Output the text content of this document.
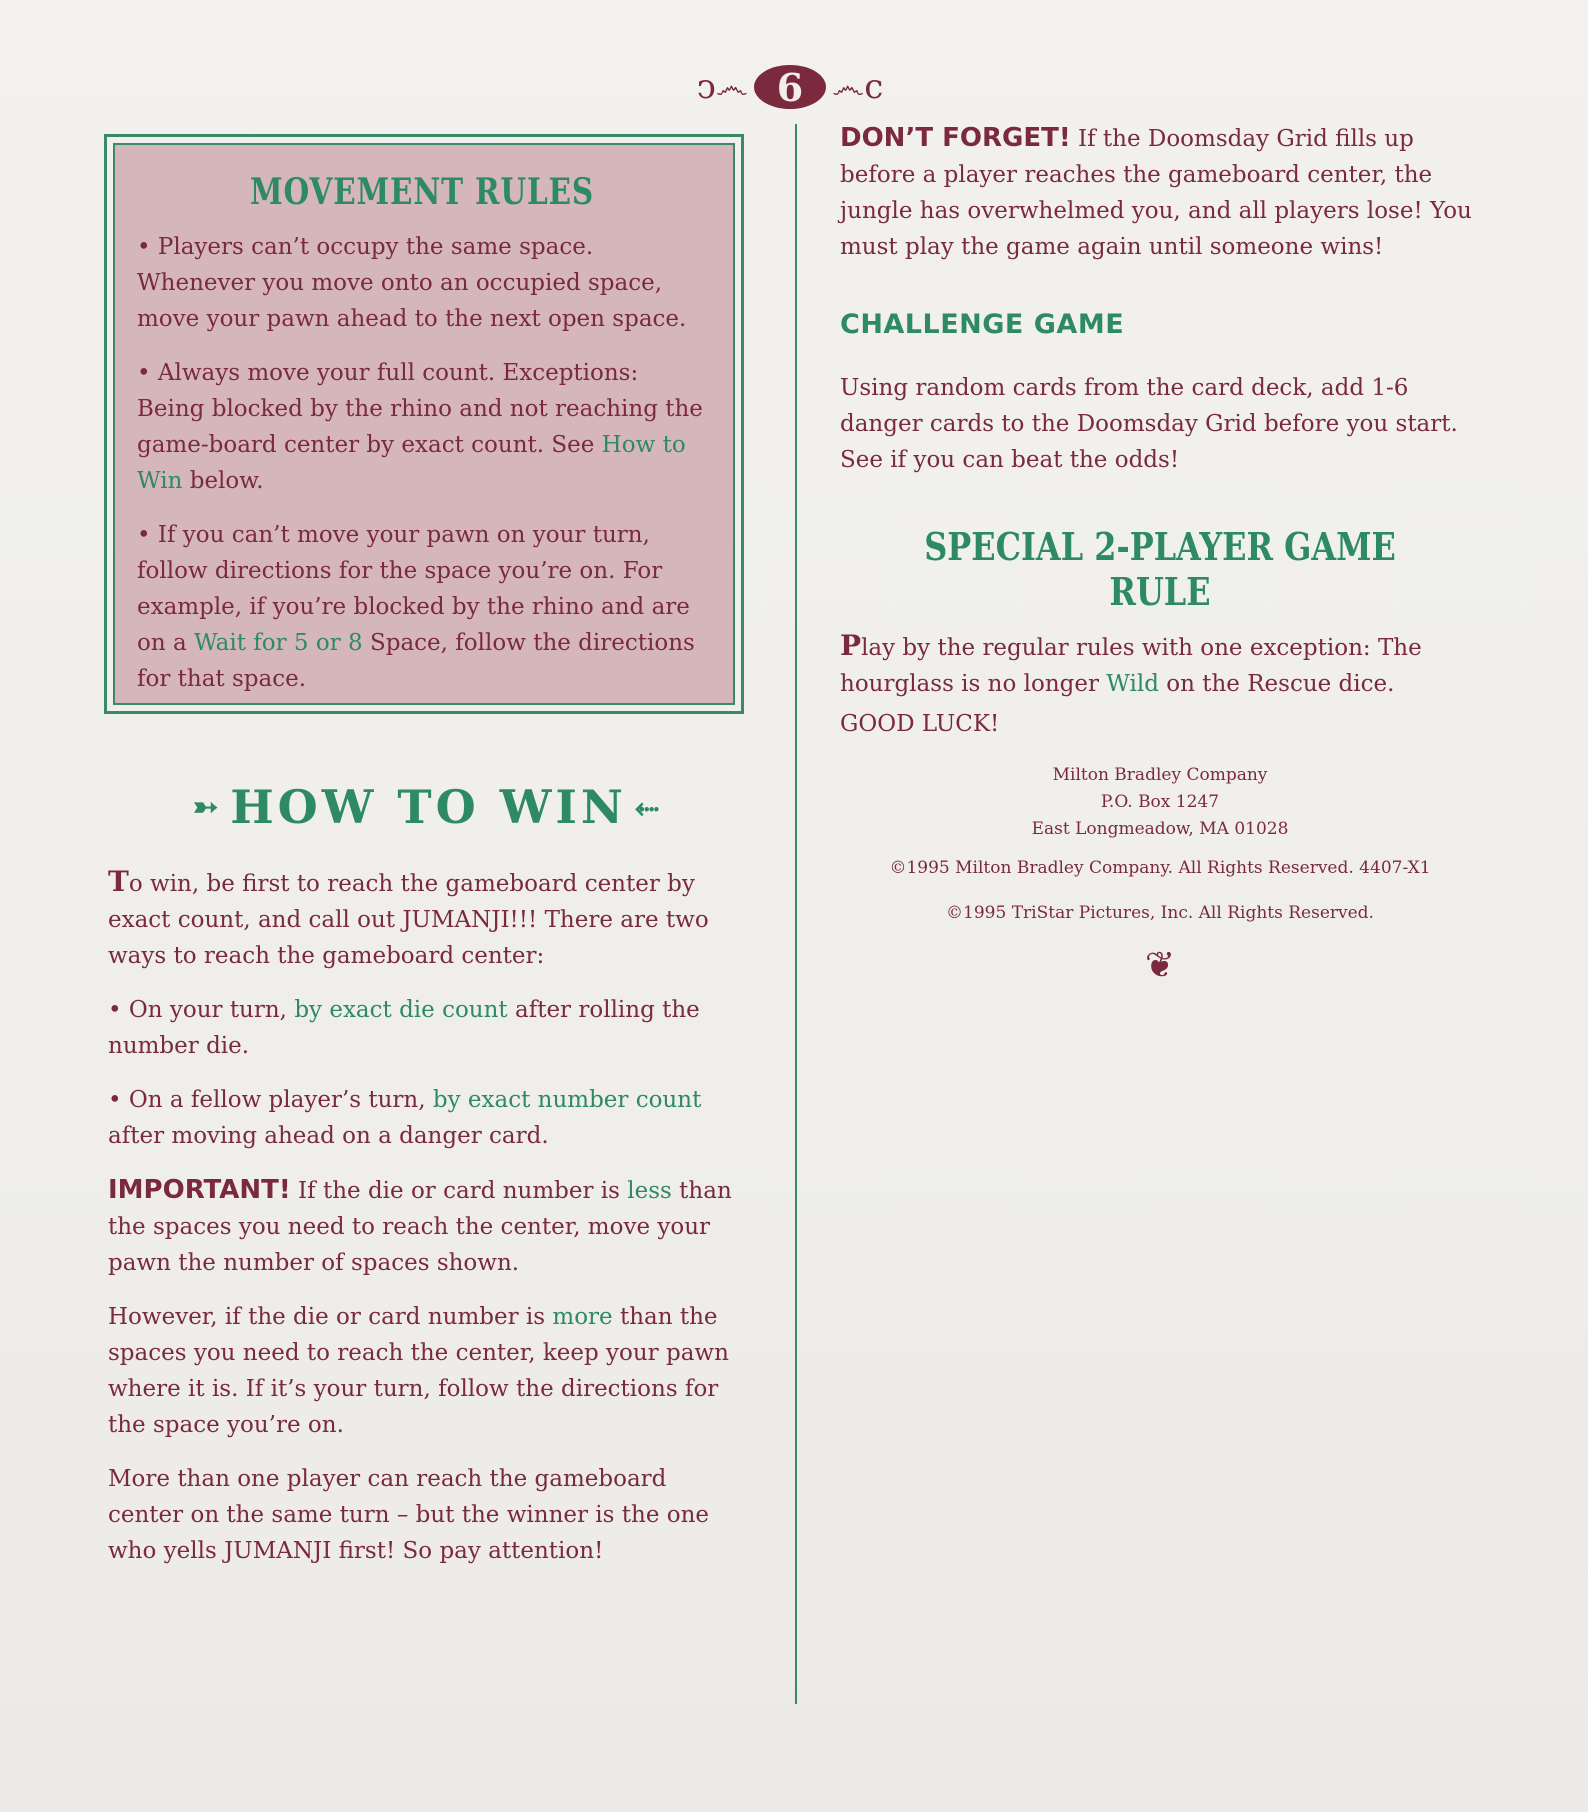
ↄ෴ 6 ෴c
MOVEMENT RULES

• Players can’t occupy the same space. Whenever you move onto an occupied space, move your pawn ahead to the next open space.

• Always move your full count. Exceptions: Being blocked by the rhino and not reaching the game-board center by exact count. See How to Win below.

• If you can’t move your pawn on your turn, follow directions for the space you’re on. For example, if you’re blocked by the rhino and are on a Wait for 5 or 8 Space, follow the directions for that space.

➳ HOW TO WIN ⬸

To win, be first to reach the gameboard center by exact count, and call out JUMANJI!!! There are two ways to reach the gameboard center:

• On your turn, by exact die count after rolling the number die.

• On a fellow player’s turn, by exact number count after moving ahead on a danger card.

IMPORTANT! If the die or card number is less than the spaces you need to reach the center, move your pawn the number of spaces shown.

However, if the die or card number is more than the spaces you need to reach the center, keep your pawn where it is. If it’s your turn, follow the directions for the space you’re on.

More than one player can reach the gameboard center on the same turn – but the winner is the one who yells JUMANJI first! So pay attention!

DON’T FORGET! If the Doomsday Grid fills up before a player reaches the gameboard center, the jungle has overwhelmed you, and all players lose! You must play the game again until someone wins!

CHALLENGE GAME

Using random cards from the card deck, add 1-6 danger cards to the Doomsday Grid before you start. See if you can beat the odds!

SPECIAL 2-PLAYER GAME RULE

Play by the regular rules with one exception: The hourglass is no longer Wild on the Rescue dice.

GOOD LUCK!

Milton Bradley Company
P.O. Box 1247
East Longmeadow, MA 01028
©1995 Milton Bradley Company. All Rights Reserved. 4407-X1
©1995 TriStar Pictures, Inc. All Rights Reserved.
❦
